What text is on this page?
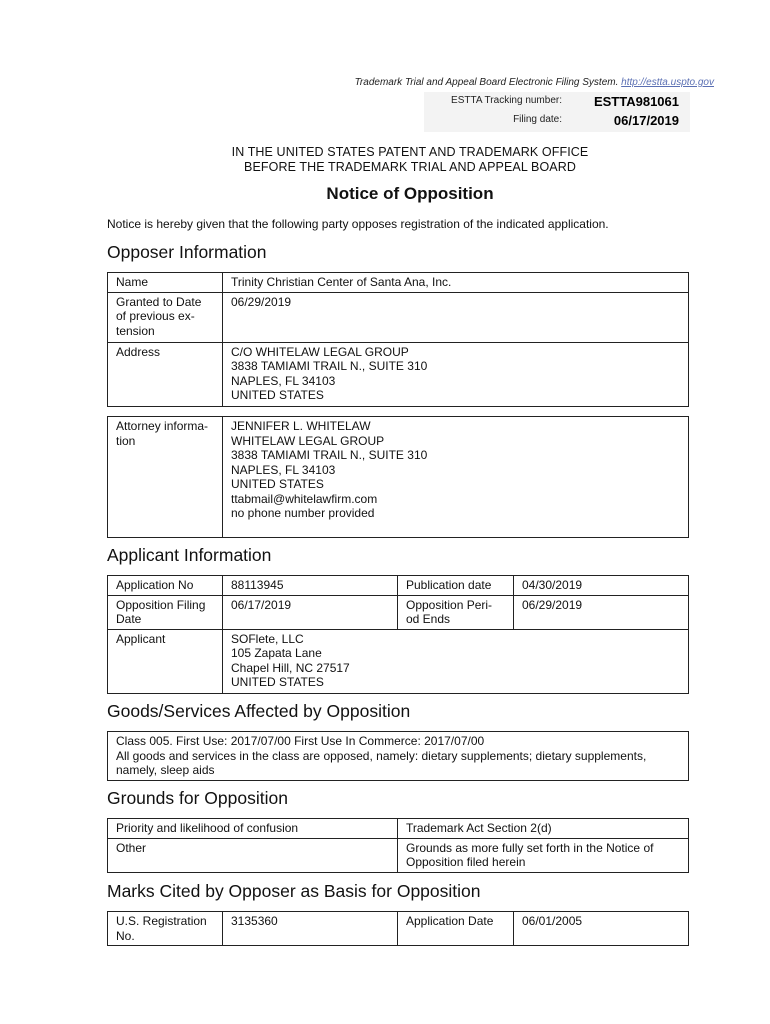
Trademark Trial and Appeal Board Electronic Filing System. http://estta.uspto.gov
ESTTA Tracking number:	ESTTA981061
Filing date:	06/17/2019
IN THE UNITED STATES PATENT AND TRADEMARK OFFICE
BEFORE THE TRADEMARK TRIAL AND APPEAL BOARD
Notice of Opposition
Notice is hereby given that the following party opposes registration of the indicated application.
Opposer Information
Name	Trinity Christian Center of Santa Ana, Inc.
Granted to Date of previous ex-
tension	06/29/2019
Address	C/O WHITELAW LEGAL GROUP
3838 TAMIAMI TRAIL N., SUITE 310
NAPLES, FL 34103
UNITED STATES
Attorney informa-
tion	JENNIFER L. WHITELAW
WHITELAW LEGAL GROUP
3838 TAMIAMI TRAIL N., SUITE 310
NAPLES, FL 34103
UNITED STATES
ttabmail@whitelawfirm.com
no phone number provided
Applicant Information
Application No	88113945	Publication date	04/30/2019
Opposition Filing
Date	06/17/2019	Opposition Peri-
od Ends	06/29/2019
Applicant	SOFlete, LLC
105 Zapata Lane
Chapel Hill, NC 27517
UNITED STATES		
Goods/Services Affected by Opposition
Class 005. First Use: 2017/07/00 First Use In Commerce: 2017/07/00
All goods and services in the class are opposed, namely: dietary supplements; dietary supplements, namely, sleep aids
Grounds for Opposition
Priority and likelihood of confusion	Trademark Act Section 2(d)
Other	Grounds as more fully set forth in the Notice of Opposition filed herein
Marks Cited by Opposer as Basis for Opposition
U.S. Registration
No.	3135360	Application Date	06/01/2005
